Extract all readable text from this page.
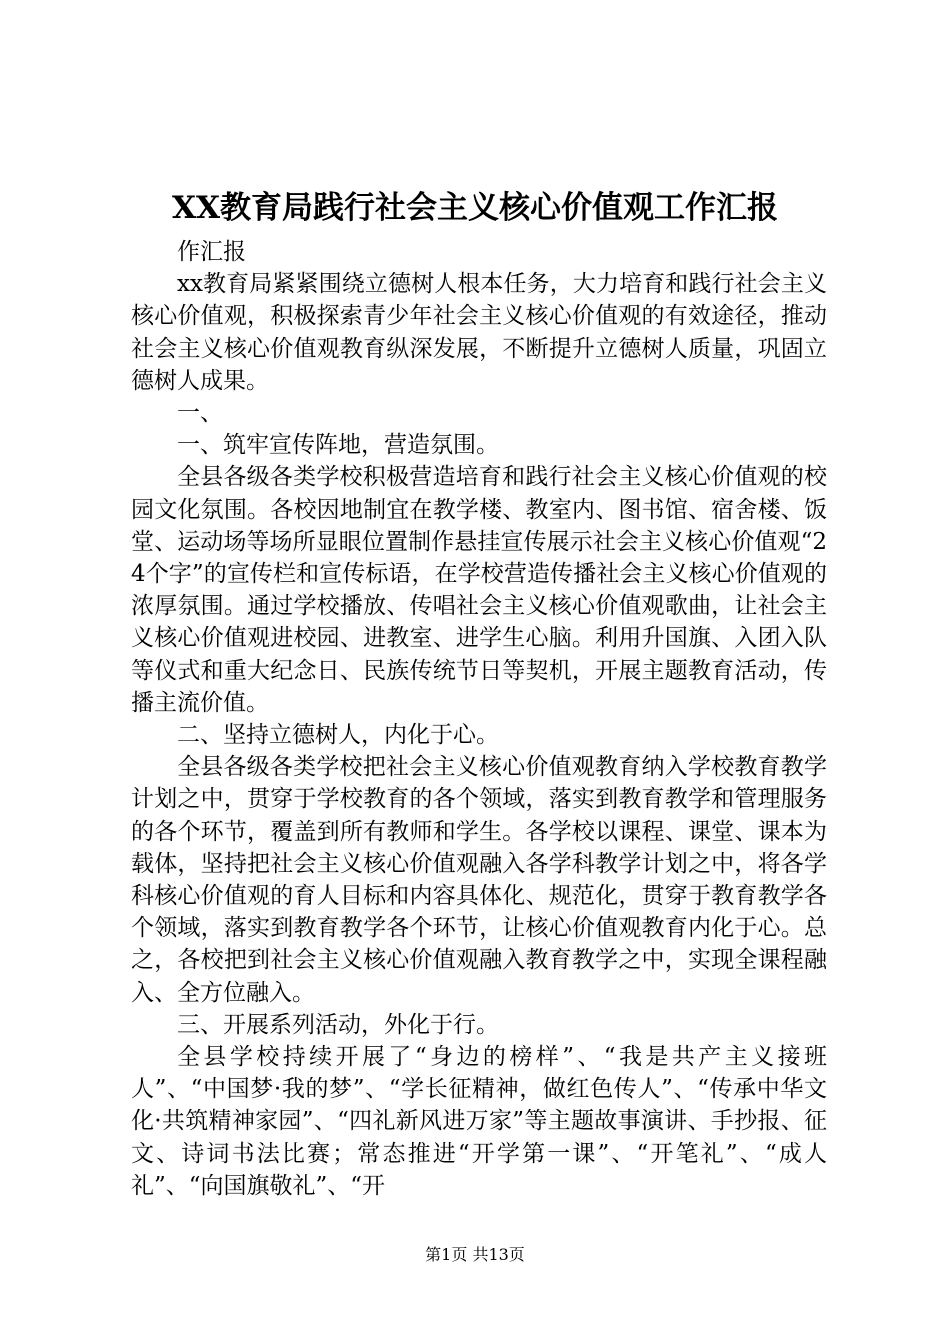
XX教育局践行社会主义核心价值观工作汇报

作汇报

xx教育局紧紧围绕立德树人根本任务，大力培育和践行社会主义核心价值观，积极探索青少年社会主义核心价值观的有效途径，推动社会主义核心价值观教育纵深发展，不断提升立德树人质量，巩固立德树人成果。

一、

一、筑牢宣传阵地，营造氛围。

全县各级各类学校积极营造培育和践行社会主义核心价值观的校园文化氛围。各校因地制宜在教学楼、教室内、图书馆、宿舍楼、饭堂、运动场等场所显眼位置制作悬挂宣传展示社会主义核心价值观“24个字”的宣传栏和宣传标语，在学校营造传播社会主义核心价值观的浓厚氛围。通过学校播放、传唱社会主义核心价值观歌曲，让社会主义核心价值观进校园、进教室、进学生心脑。利用升国旗、入团入队等仪式和重大纪念日、民族传统节日等契机，开展主题教育活动，传播主流价值。

二、坚持立德树人，内化于心。

全县各级各类学校把社会主义核心价值观教育纳入学校教育教学计划之中，贯穿于学校教育的各个领域，落实到教育教学和管理服务的各个环节，覆盖到所有教师和学生。各学校以课程、课堂、课本为载体，坚持把社会主义核心价值观融入各学科教学计划之中，将各学科核心价值观的育人目标和内容具体化、规范化，贯穿于教育教学各个领域，落实到教育教学各个环节，让核心价值观教育内化于心。总之，各校把到社会主义核心价值观融入教育教学之中，实现全课程融入、全方位融入。

三、开展系列活动，外化于行。

全县学校持续开展了“身边的榜样”、“我是共产主义接班人”、“中国梦·我的梦”、“学长征精神，做红色传人”、“传承中华文化·共筑精神家园”、“四礼新风进万家”等主题故事演讲、手抄报、征文、诗词书法比赛；常态推进“开学第一课”、“开笔礼”、“成人礼”、“向国旗敬礼”、“开

第1页 共13页
